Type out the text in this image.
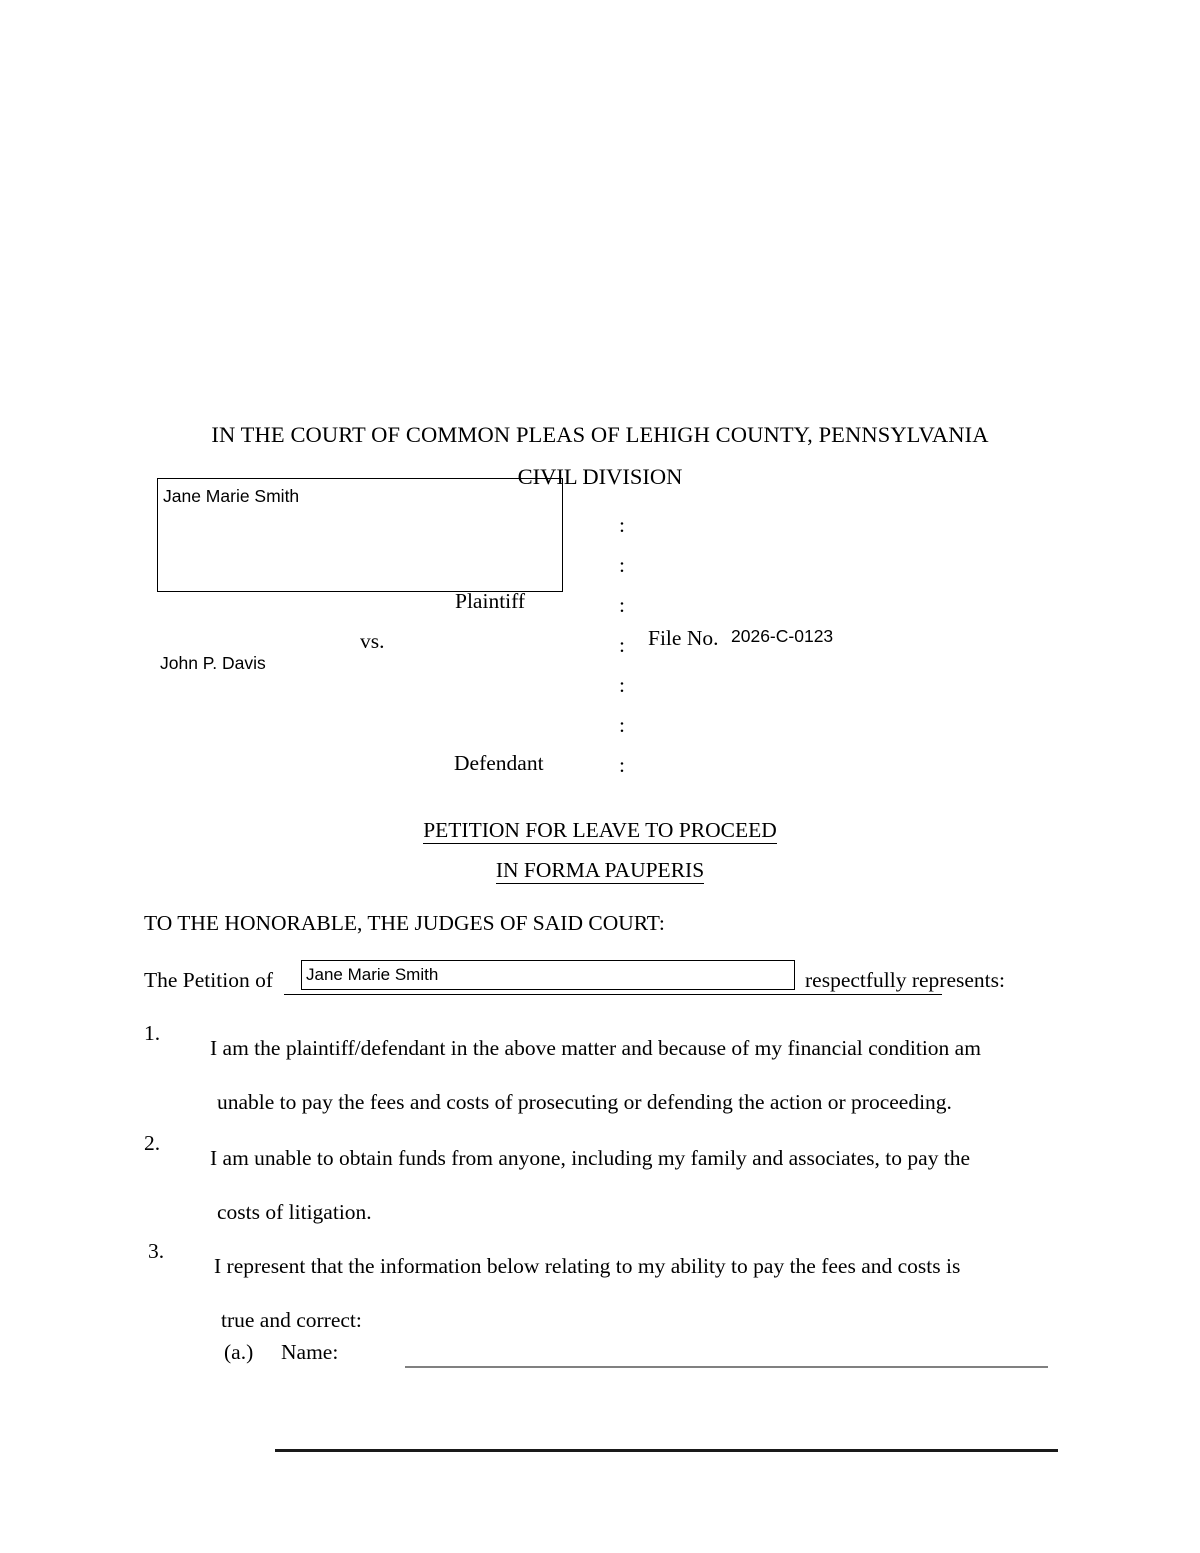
IN THE COURT OF COMMON PLEAS OF LEHIGH COUNTY, PENNSYLVANIA
CIVIL DIVISION
Jane Marie Smith
Plaintiff
vs.
John P. Davis
Defendant
:
:
:
:
:
:
:
File No. 2026-C-0123
PETITION FOR LEAVE TO PROCEED
IN FORMA PAUPERIS
TO THE HONORABLE, THE JUDGES OF SAID COURT:
The Petition of Jane Marie Smith	respectfully represents:
1.
I am the plaintiff/defendant in the above matter and because of my financial condition am
unable to pay the fees and costs of prosecuting or defending the action or proceeding.
2.
I am unable to obtain funds from anyone, including my family and associates, to pay the
costs of litigation.
3.
I represent that the information below relating to my ability to pay the fees and costs is
true and correct:
(a.) Name:
